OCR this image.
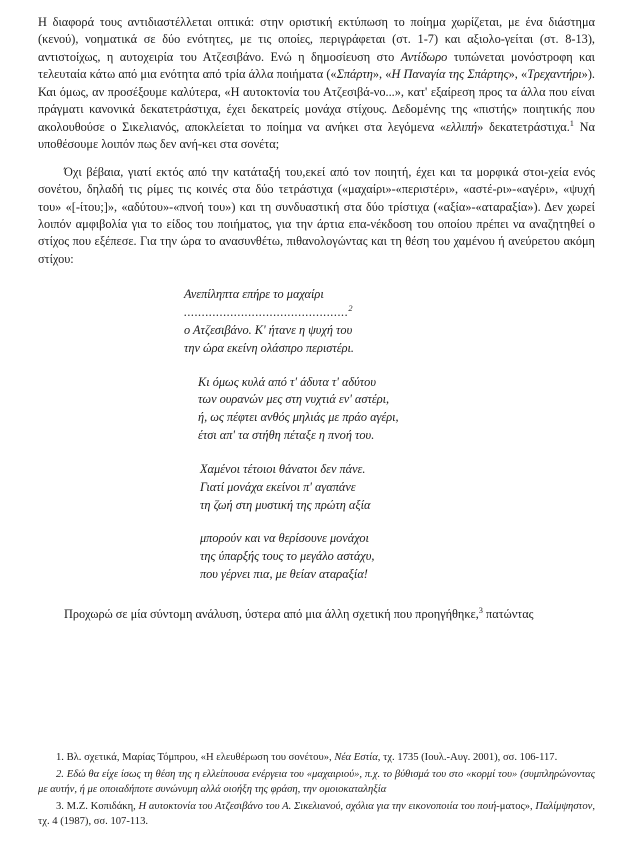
Η διαφορά τους αντιδιαστέλλεται οπτικά: στην οριστική εκτύπωση το ποίημα χωρίζεται, με ένα διάστημα (κενού), νοηματικά σε δύο ενότητες, με τις οποίες, περιγράφεται (στ. 1-7) και αξιολο-γείται (στ. 8-13), αντιστοίχως, η αυτοχειρία του Ατζεσιβάνο. Ενώ η δημοσίευση στο Αντίδωρο τυπώνεται μονόστροφη και τελευταία κάτω από μια ενότητα από τρία άλλα ποιήματα («Σπάρτη», «Η Παναγία της Σπάρτης», «Τρεχαντήρι»). Και όμως, αν προσέξουμε καλύτερα, «Η αυτοκτονία του Ατζεσιβά-νο...», κατ' εξαίρεση προς τα άλλα που είναι πράγματι κανονικά δεκατετράστιχα, έχει δεκατρείς μονάχα στίχους. Δεδομένης της «πιστής» ποιητικής που ακολουθούσε ο Σικελιανός, αποκλείεται το ποίημα να ανήκει στα λεγόμενα «ελλιπή» δεκατετράστιχα.$^1$ Να υποθέσουμε λοιπόν πως δεν ανή-κει στα σονέτα;

Όχι βέβαια, γιατί εκτός από την κατάταξή του,εκεί από τον ποιητή, έχει και τα μορφικά στοι-χεία ενός σονέτου, δηλαδή τις ρίμες τις κοινές στα δύο τετράστιχα («μαχαίρι»-«περιστέρι», «αστέ-ρι»-«αγέρι», «ψυχή του» «[-ίτου;]», «αδύτου»-«πνοή του») και τη συνδυαστική στα δύο τρίστιχα («αξία»-«αταραξία»). Δεν χωρεί λοιπόν αμφιβολία για το είδος του ποιήματος, για την άρτια επα-νέκδοση του οποίου πρέπει να αναζητηθεί ο στίχος που εξέπεσε. Για την ώρα το ανασυνθέτω, πιθανολογώντας και τη θέση του χαμένου ή ανεύρετου ακόμη στίχου:

Ανεπίληπτα επήρε το μαχαίρι
..............................................$^2$
ο Ατζεσιβάνο. Κ' ήτανε η ψυχή του
την ώρα εκείνη ολάσπρο περιστέρι.
Κι όμως κυλά από τ' άδυτα τ' αδύτου
των ουρανών μες στη νυχτιά εν' αστέρι,
ή, ως πέφτει ανθός μηλιάς με πράο αγέρι,
έτσι απ' τα στήθη πέταξε η πνοή του.
Χαμένοι τέτοιοι θάνατοι δεν πάνε.
Γιατί μονάχα εκείνοι π' αγαπάνε
τη ζωή στη μυστική της πρώτη αξία
μπορούν και να θερίσουνε μονάχοι
της ύπαρξής τους το μεγάλο αστάχυ,
που γέρνει πια, με θείαν αταραξία!

Προχωρώ σε μία σύντομη ανάλυση, ύστερα από μια άλλη σχετική που προηγήθηκε,$^3$ πατώντας

1. Βλ. σχετικά, Μαρίας Τόμπρου, «Η ελευθέρωση του σονέτου», Νέα Εστία, τχ. 1735 (Ιουλ.-Αυγ. 2001), σσ. 106-117.
2. Εδώ θα είχε ίσως τη θέση της η ελλείπουσα ενέργεια του «μαχαιριού», π.χ. το βύθισμά του στο «κορμί του» (συμπληρώνοντας με αυτήν, ή με οποιαδήποτε συνώνυμη αλλά οιοήξη της φράση, την ομοιοκαταληξία
3. Μ.Ζ. Κοπιδάκη, Η αυτοκτονία του Ατζεσιβάνο του Α. Σικελιανού, σχόλια για την εικονοποιία του ποιή-ματος», Παλίμψηστον, τχ. 4 (1987), σσ. 107-113.
